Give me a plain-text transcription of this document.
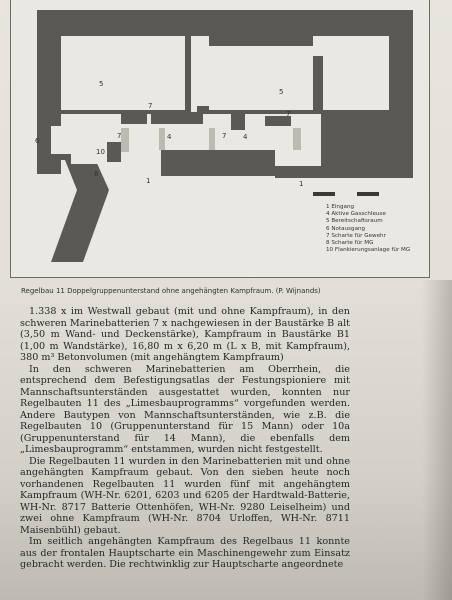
5
5
10
4	4
6
7
7	7
7
8
1	1
1 Eingang
4 Aktive Gasschleuse
5 Bereitschaftsraum
6 Notausgang
7 Scharte für Gewehr
8 Scharte für MG
10 Flankierungsanlage für MG
Regelbau 11 Doppelgruppenunterstand ohne angehängten Kampfraum. (P. Wijnands)

1.338 x im Westwall gebaut (mit und ohne Kampfraum), in den schweren Marinebatterien 7 x nachgewiesen in der Baustärke B alt (3,50 m Wand- und Deckenstärke), Kampfraum in Baustärke B1 (1,00 m Wandstärke), 16,80 m x 6,20 m (L x B, mit Kampfraum), 380 m³ Betonvolumen (mit angehängtem Kampfraum)

In den schweren Marinebatterien am Oberrhein, die entsprechend dem Befestigungsatlas der Festungspioniere mit Mannschaftsunterständen ausgestattet wurden, konnten nur Regelbauten 11 des „Limesbauprogramms“ vorgefunden werden. Andere Bautypen von Mannschaftsunterständen, wie z.B. die Regelbauten 10 (Gruppenunterstand für 15 Mann) oder 10a (Gruppenunterstand für 14 Mann), die ebenfalls dem „Limesbauprogramm“ entstammen, wurden nicht festgestellt.

Die Regelbauten 11 wurden in den Marinebatterien mit und ohne angehängten Kampfraum gebaut. Von den sieben heute noch vorhandenen Regelbauten 11 wurden fünf mit angehängtem Kampfraum (WH-Nr. 6201, 6203 und 6205 der Hardtwald-Batterie, WH-Nr. 8717 Batterie Ottenhöfen, WH-Nr. 9280 Leiselheim) und zwei ohne Kampfraum (WH-Nr. 8704 Urloffen, WH-Nr. 8711 Maisenbühl) gebaut.

Im seitlich angehängten Kampfraum des Regelbaus 11 konnte aus der frontalen Hauptscharte ein Maschinengewehr zum Einsatz gebracht werden. Die rechtwinklig zur Hauptscharte angeordnete
